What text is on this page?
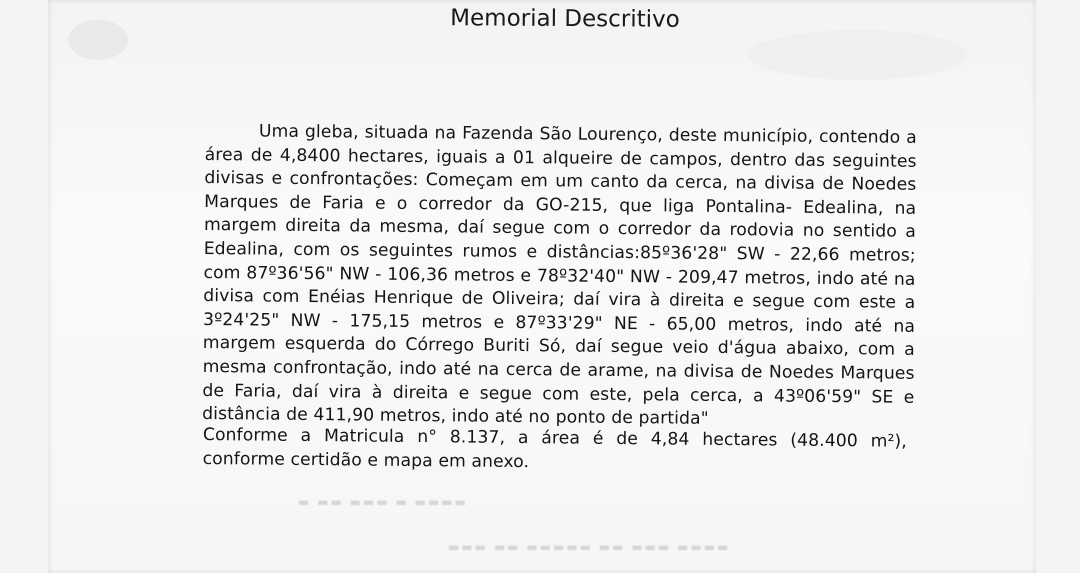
▬ ▬▬ ▬▬▬ ▬ ▬▬▬▬
▬▬▬ ▬▬ ▬▬▬▬▬ ▬▬ ▬▬▬ ▬▬▬▬
Memorial Descritivo

Uma gleba, situada na Fazenda São Lourenço, deste município, contendo a área de 4,8400 hectares, iguais a 01 alqueire de campos, dentro das seguintes divisas e confrontações: Começam em um canto da cerca, na divisa de Noedes Marques de Faria e o corredor da GO-215, que liga Pontalina- Edealina, na margem direita da mesma, daí segue com o corredor da rodovia no sentido a Edealina, com os seguintes rumos e distâncias:85º36'28" SW - 22,66 metros; com 87º36'56" NW - 106,36 metros e 78º32'40" NW - 209,47 metros, indo até na divisa com Enéias Henrique de Oliveira; daí vira à direita e segue com este a 3º24'25" NW - 175,15 metros e 87º33'29" NE - 65,00 metros, indo até na margem esquerda do Córrego Buriti Só, daí segue veio d'água abaixo, com a mesma confrontação, indo até na cerca de arame, na divisa de Noedes Marques de Faria, daí vira à direita e segue com este, pela cerca, a 43º06'59" SE e distância de 411,90 metros, indo até no ponto de partida"

Conforme a Matricula n° 8.137, a área é de 4,84 hectares (48.400 m²), conforme certidão e mapa em anexo.
